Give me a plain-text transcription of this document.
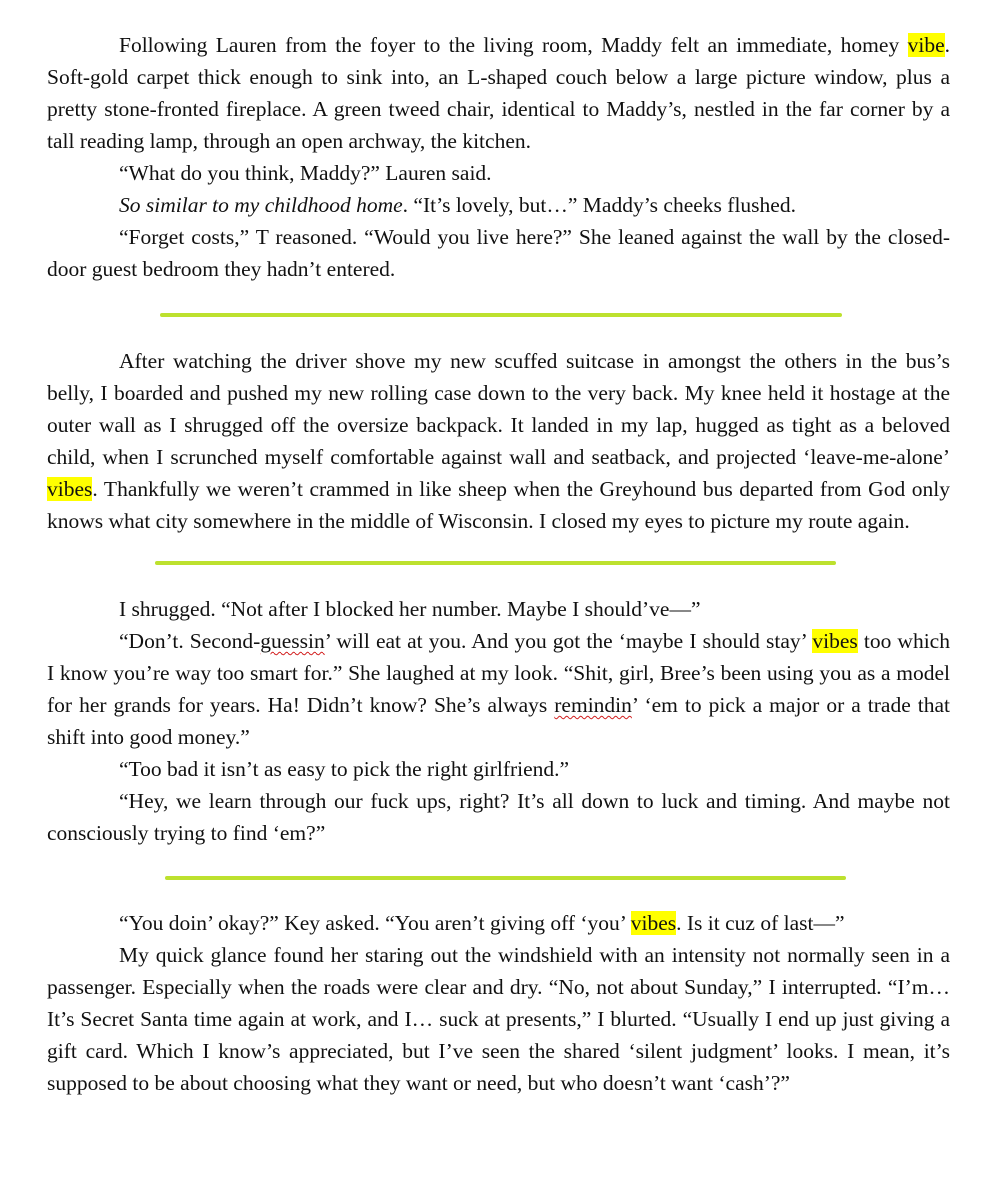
Following Lauren from the foyer to the living room, Maddy felt an immediate, homey vibe. Soft-gold carpet thick enough to sink into, an L-shaped couch below a large picture window, plus a pretty stone-fronted fireplace. A green tweed chair, identical to Maddy’s, nestled in the far corner by a tall reading lamp, through an open archway, the kitchen.

“What do you think, Maddy?” Lauren said.

So similar to my childhood home. “It’s lovely, but…” Maddy’s cheeks flushed.

“Forget costs,” T reasoned. “Would you live here?” She leaned against the wall by the closed-door guest bedroom they hadn’t entered.

After watching the driver shove my new scuffed suitcase in amongst the others in the bus’s belly, I boarded and pushed my new rolling case down to the very back. My knee held it hostage at the outer wall as I shrugged off the oversize backpack. It landed in my lap, hugged as tight as a beloved child, when I scrunched myself comfortable against wall and seatback, and projected ‘leave-me-alone’ vibes. Thankfully we weren’t crammed in like sheep when the Greyhound bus departed from God only knows what city somewhere in the middle of Wisconsin. I closed my eyes to picture my route again.

I shrugged. “Not after I blocked her number. Maybe I should’ve—”

“Don’t. Second-guessin’ will eat at you. And you got the ‘maybe I should stay’ vibes too which I know you’re way too smart for.” She laughed at my look. “Shit, girl, Bree’s been using you as a model for her grands for years. Ha! Didn’t know? She’s always remindin’ ‘em to pick a major or a trade that shift into good money.”

“Too bad it isn’t as easy to pick the right girlfriend.”

“Hey, we learn through our fuck ups, right? It’s all down to luck and timing. And maybe not consciously trying to find ‘em?”

“You doin’ okay?” Key asked. “You aren’t giving off ‘you’ vibes. Is it cuz of last—”

My quick glance found her staring out the windshield with an intensity not normally seen in a passenger. Especially when the roads were clear and dry. “No, not about Sunday,” I interrupted. “I’m… It’s Secret Santa time again at work, and I… suck at presents,” I blurted. “Usually I end up just giving a gift card. Which I know’s appreciated, but I’ve seen the shared ‘silent judgment’ looks. I mean, it’s supposed to be about choosing what they want or need, but who doesn’t want ‘cash’?”
